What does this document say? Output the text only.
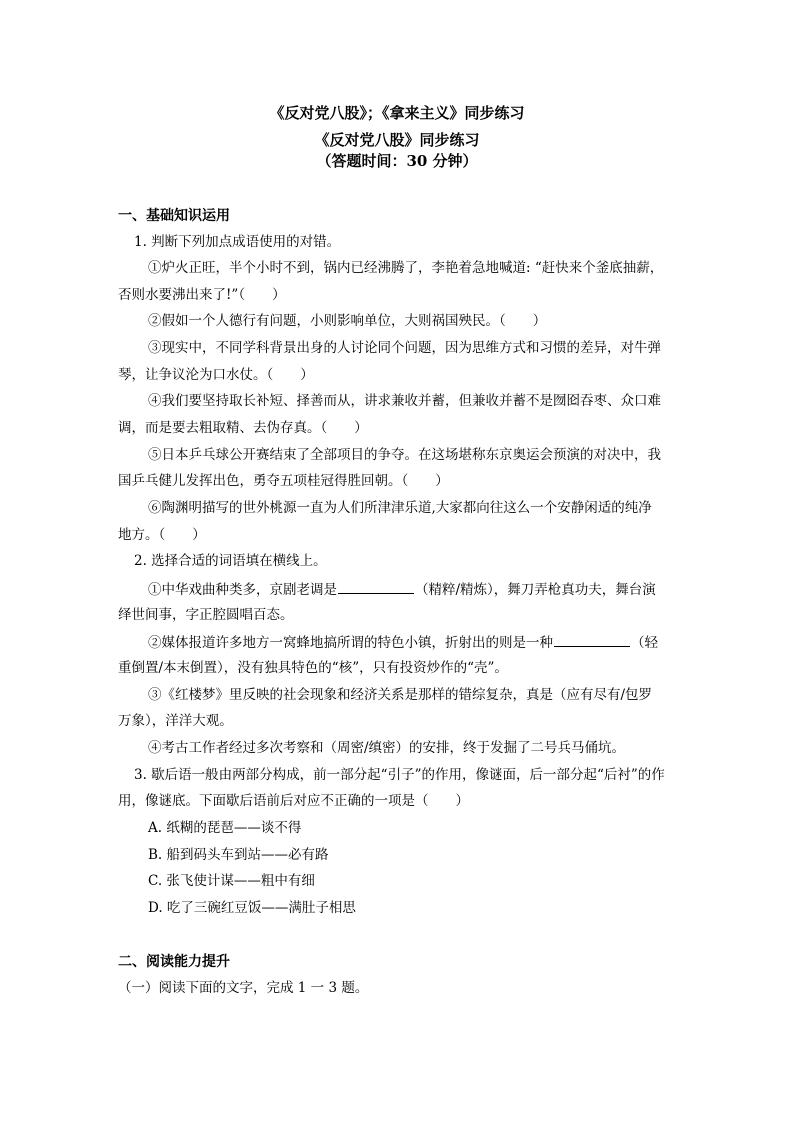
《反对党八股》；《拿来主义》同步练习
《反对党八股》同步练习
（答题时间：30 分钟）
一、基础知识运用
1. 判断下列加点成语使用的对错。
①炉火正旺，半个小时不到，锅内已经沸腾了，李艳着急地喊道: “赶快来个釜底抽薪，
否则水要沸出来了!”（　　）
②假如一个人德行有问题，小则影响单位，大则祸国殃民。（　　）
③现实中，不同学科背景出身的人讨论同个问题，因为思维方式和习惯的差异，对牛弹
琴，让争议沦为口水仗。（　　）
④我们要坚持取长补短、择善而从，讲求兼收并蓄，但兼收并蓄不是囫囵吞枣、众口难
调，而是要去粗取精、去伪存真。（　　）
⑤日本乒乓球公开赛结束了全部项目的争夺。在这场堪称东京奥运会预演的对决中，我
国乒乓健儿发挥出色，勇夺五项桂冠得胜回朝。（　　）
⑥陶渊明描写的世外桃源一直为人们所津津乐道,大家都向往这么一个安静闲适的纯净
地方。（　　）
2. 选择合适的词语填在横线上。
①中华戏曲种类多，京剧老调是	（精粹/精炼），舞刀弄枪真功夫，舞台演
绎世间事，字正腔圆唱百态。
②媒体报道许多地方一窝蜂地搞所谓的特色小镇，折射出的则是一种	（轻
重倒置/本末倒置），没有独具特色的“核”，只有投资炒作的“壳”。
③《红楼梦》里反映的社会现象和经济关系是那样的错综复杂，真是（应有尽有/包罗
万象），洋洋大观。
④考古工作者经过多次考察和（周密/缜密）的安排，终于发掘了二号兵马俑坑。
3. 歇后语一般由两部分构成，前一部分起“引子”的作用，像谜面，后一部分起“后衬”的作
用，像谜底。下面歇后语前后对应不正确的一项是（　　）
A. 纸糊的琵琶——谈不得
B. 船到码头车到站——必有路
C. 张飞使计谋——粗中有细
D. 吃了三碗红豆饭——满肚子相思
二、阅读能力提升
（一）阅读下面的文字，完成 1 一 3 题。
